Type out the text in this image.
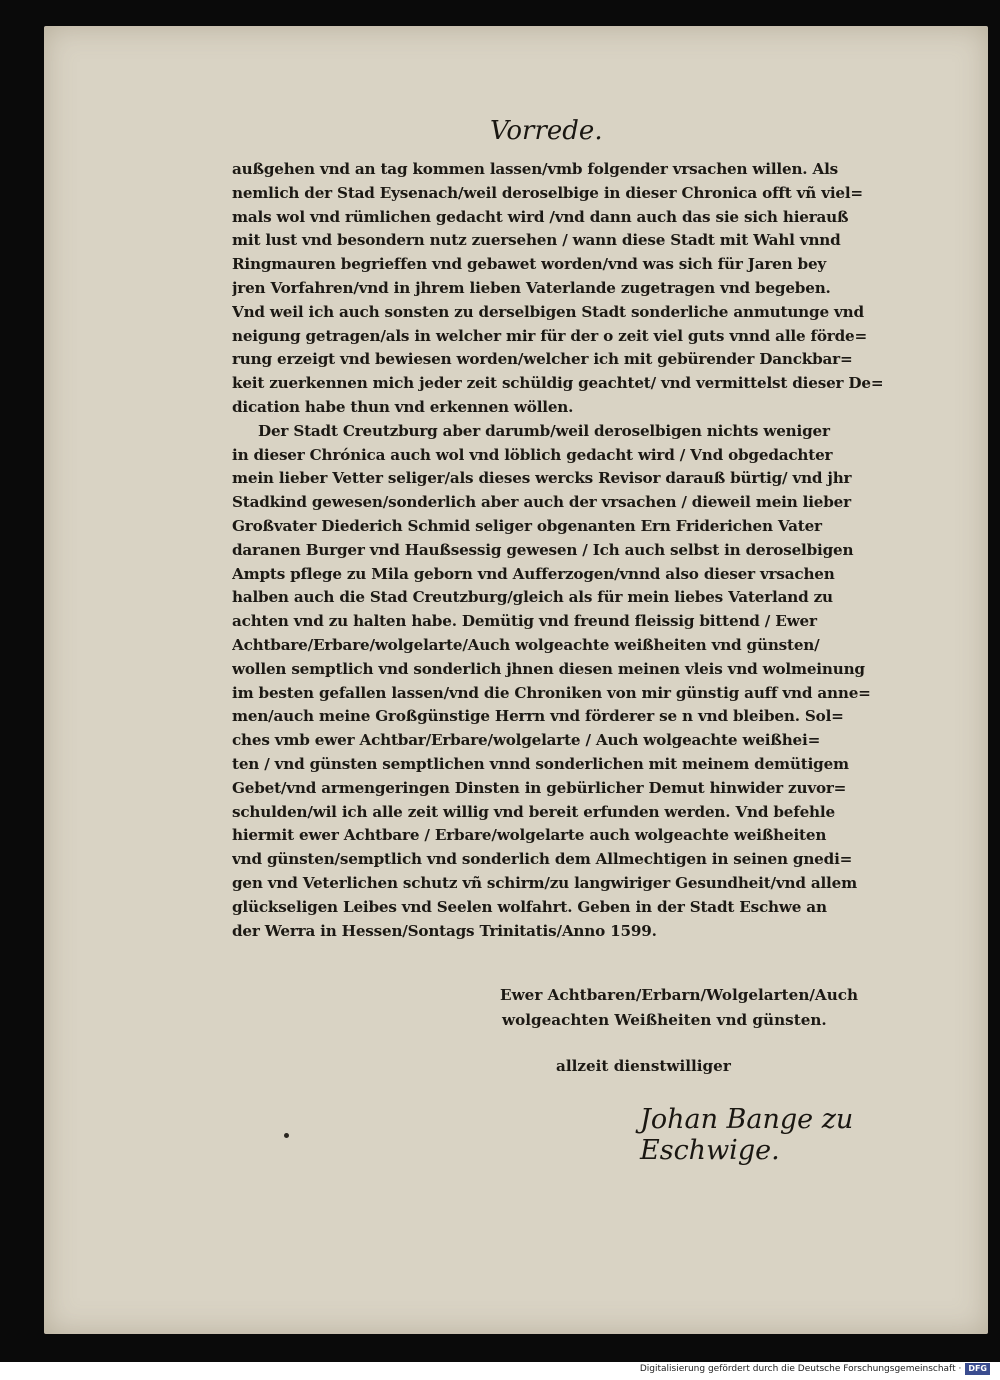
Vorrede.
außgehen vnd an tag kommen lassen/vmb folgender vrsachen willen. Als
nemlich der Stad Eysenach/weil deroselbige in dieser Chronica offt vñ viel=
mals wol vnd rümlichen gedacht wird /vnd dann auch das sie sich hierauß
mit lust vnd besondern nutz zuersehen / wann diese Stadt mit Wahl vnnd
Ringmauren begrieffen vnd gebawet worden/vnd was sich für Jaren bey
jren Vorfahren/vnd in jhrem lieben Vaterlande zugetragen vnd begeben.
Vnd weil ich auch sonsten zu derselbigen Stadt sonderliche anmutunge vnd
neigung getragen/als in welcher mir für der o zeit viel guts vnnd alle förde=
rung erzeigt vnd bewiesen worden/welcher ich mit gebürender Danckbar=
keit zuerkennen mich jeder zeit schüldig geachtet/ vnd vermittelst dieser De=
dication habe thun vnd erkennen wöllen.
Der Stadt Creutzburg aber darumb/weil deroselbigen nichts weniger
in dieser Chrónica auch wol vnd löblich gedacht wird / Vnd obgedachter
mein lieber Vetter seliger/als dieses wercks Revisor darauß bürtig/ vnd jhr
Stadkind gewesen/sonderlich aber auch der vrsachen / dieweil mein lieber
Großvater Diederich Schmid seliger obgenanten Ern Friderichen Vater
daranen Burger vnd Haußsessig gewesen / Ich auch selbst in deroselbigen
Ampts pflege zu Mila geborn vnd Aufferzogen/vnnd also dieser vrsachen
halben auch die Stad Creutzburg/gleich als für mein liebes Vaterland zu
achten vnd zu halten habe. Demütig vnd freund fleissig bittend / Ewer
Achtbare/Erbare/wolgelarte/Auch wolgeachte weißheiten vnd günsten/
wollen semptlich vnd sonderlich jhnen diesen meinen vleis vnd wolmeinung
im besten gefallen lassen/vnd die Chroniken von mir günstig auff vnd anne=
men/auch meine Großgünstige Herrn vnd förderer se n vnd bleiben. Sol=
ches vmb ewer Achtbar/Erbare/wolgelarte / Auch wolgeachte weißhei=
ten / vnd günsten semptlichen vnnd sonderlichen mit meinem demütigem
Gebet/vnd armengeringen Dinsten in gebürlicher Demut hinwider zuvor=
schulden/wil ich alle zeit willig vnd bereit erfunden werden. Vnd befehle
hiermit ewer Achtbare / Erbare/wolgelarte auch wolgeachte weißheiten
vnd günsten/semptlich vnd sonderlich dem Allmechtigen in seinen gnedi=
gen vnd Veterlichen schutz vñ schirm/zu langwiriger Gesundheit/vnd allem
glückseligen Leibes vnd Seelen wolfahrt. Geben in der Stadt Eschwe an
der Werra in Hessen/Sontags Trinitatis/Anno 1599.
Ewer Achtbaren/Erbarn/Wolgelarten/Auch
wolgeachten Weißheiten vnd günsten.
allzeit dienstwilliger
Johan Bange zu Eschwige.
Digitalisierung gefördert durch die Deutsche Forschungsgemeinschaft · DFG
